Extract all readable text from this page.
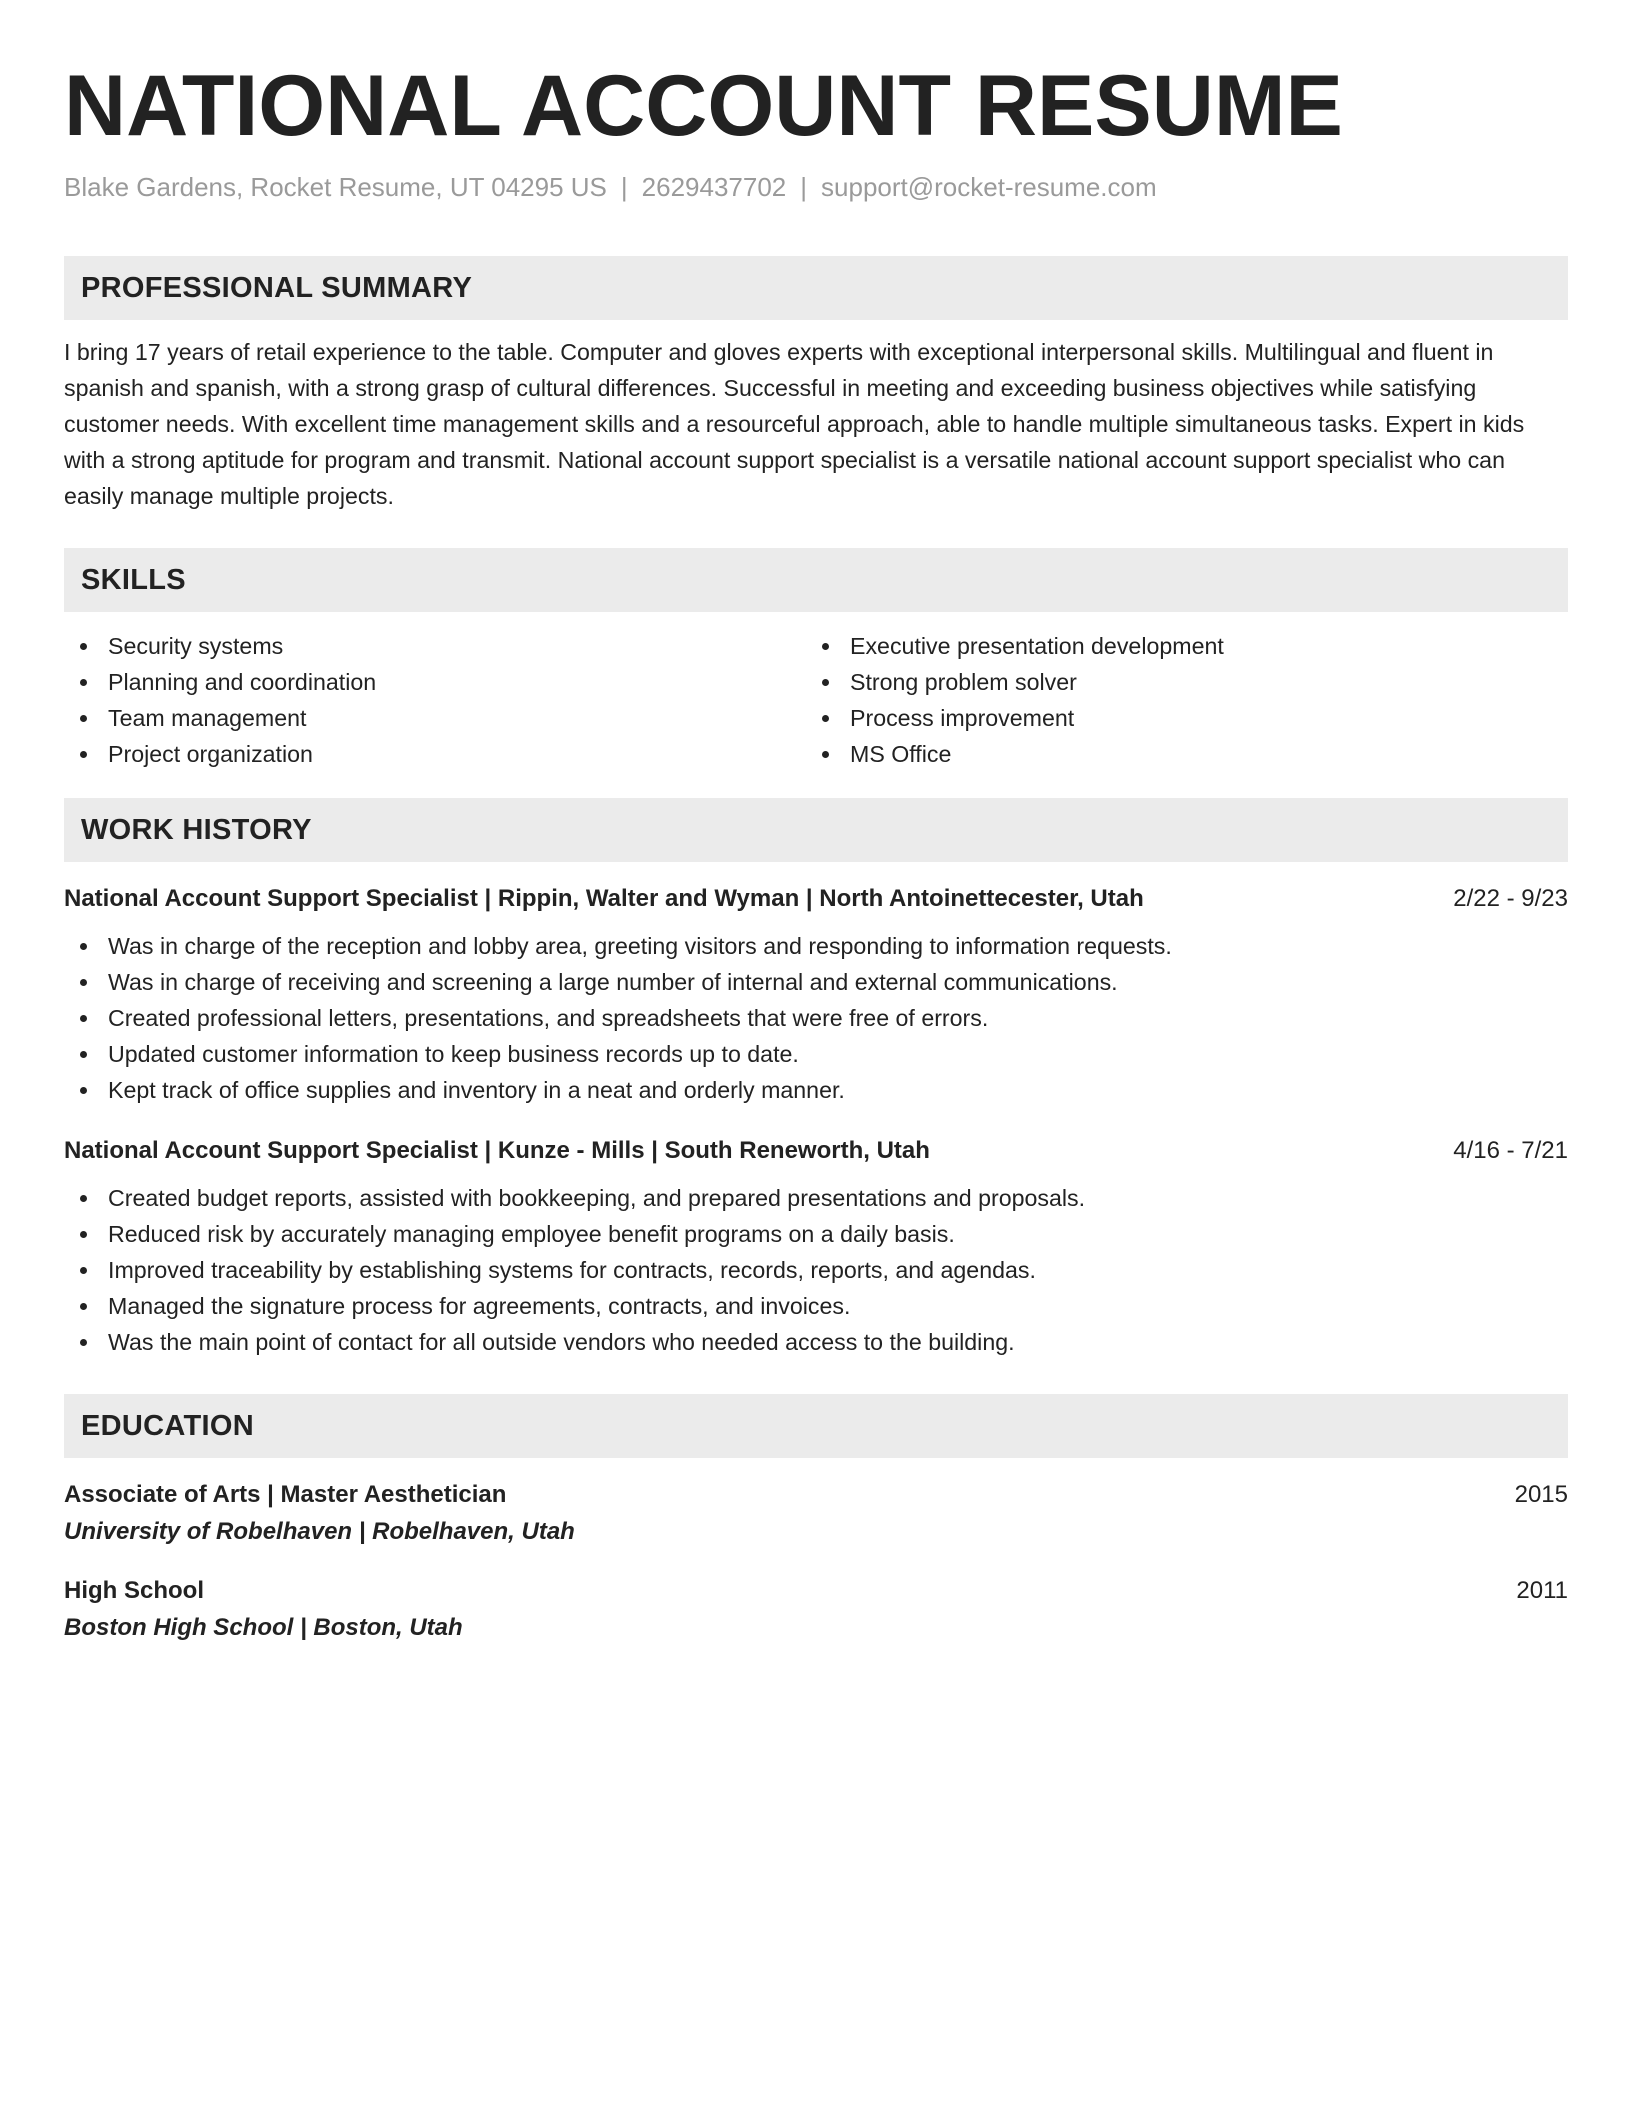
NATIONAL ACCOUNT RESUME
Blake Gardens, Rocket Resume, UT 04295 US | 2629437702 | support@rocket-resume.com
PROFESSIONAL SUMMARY

I bring 17 years of retail experience to the table. Computer and gloves experts with exceptional interpersonal skills. Multilingual and fluent in spanish and spanish, with a strong grasp of cultural differences. Successful in meeting and exceeding business objectives while satisfying customer needs. With excellent time management skills and a resourceful approach, able to handle multiple simultaneous tasks. Expert in kids with a strong aptitude for program and transmit. National account support specialist is a versatile national account support specialist who can easily manage multiple projects.

SKILLS
Security systems
Planning and coordination
Team management
Project organization
Executive presentation development
Strong problem solver
Process improvement
MS Office
WORK HISTORY
National Account Support Specialist | Rippin, Walter and Wyman | North Antoinettecester, Utah	2/22 - 9/23
Was in charge of the reception and lobby area, greeting visitors and responding to information requests.
Was in charge of receiving and screening a large number of internal and external communications.
Created professional letters, presentations, and spreadsheets that were free of errors.
Updated customer information to keep business records up to date.
Kept track of office supplies and inventory in a neat and orderly manner.
National Account Support Specialist | Kunze - Mills | South Reneworth, Utah	4/16 - 7/21
Created budget reports, assisted with bookkeeping, and prepared presentations and proposals.
Reduced risk by accurately managing employee benefit programs on a daily basis.
Improved traceability by establishing systems for contracts, records, reports, and agendas.
Managed the signature process for agreements, contracts, and invoices.
Was the main point of contact for all outside vendors who needed access to the building.
EDUCATION
Associate of Arts | Master Aesthetician	2015
University of Robelhaven | Robelhaven, Utah
High School	2011
Boston High School | Boston, Utah
